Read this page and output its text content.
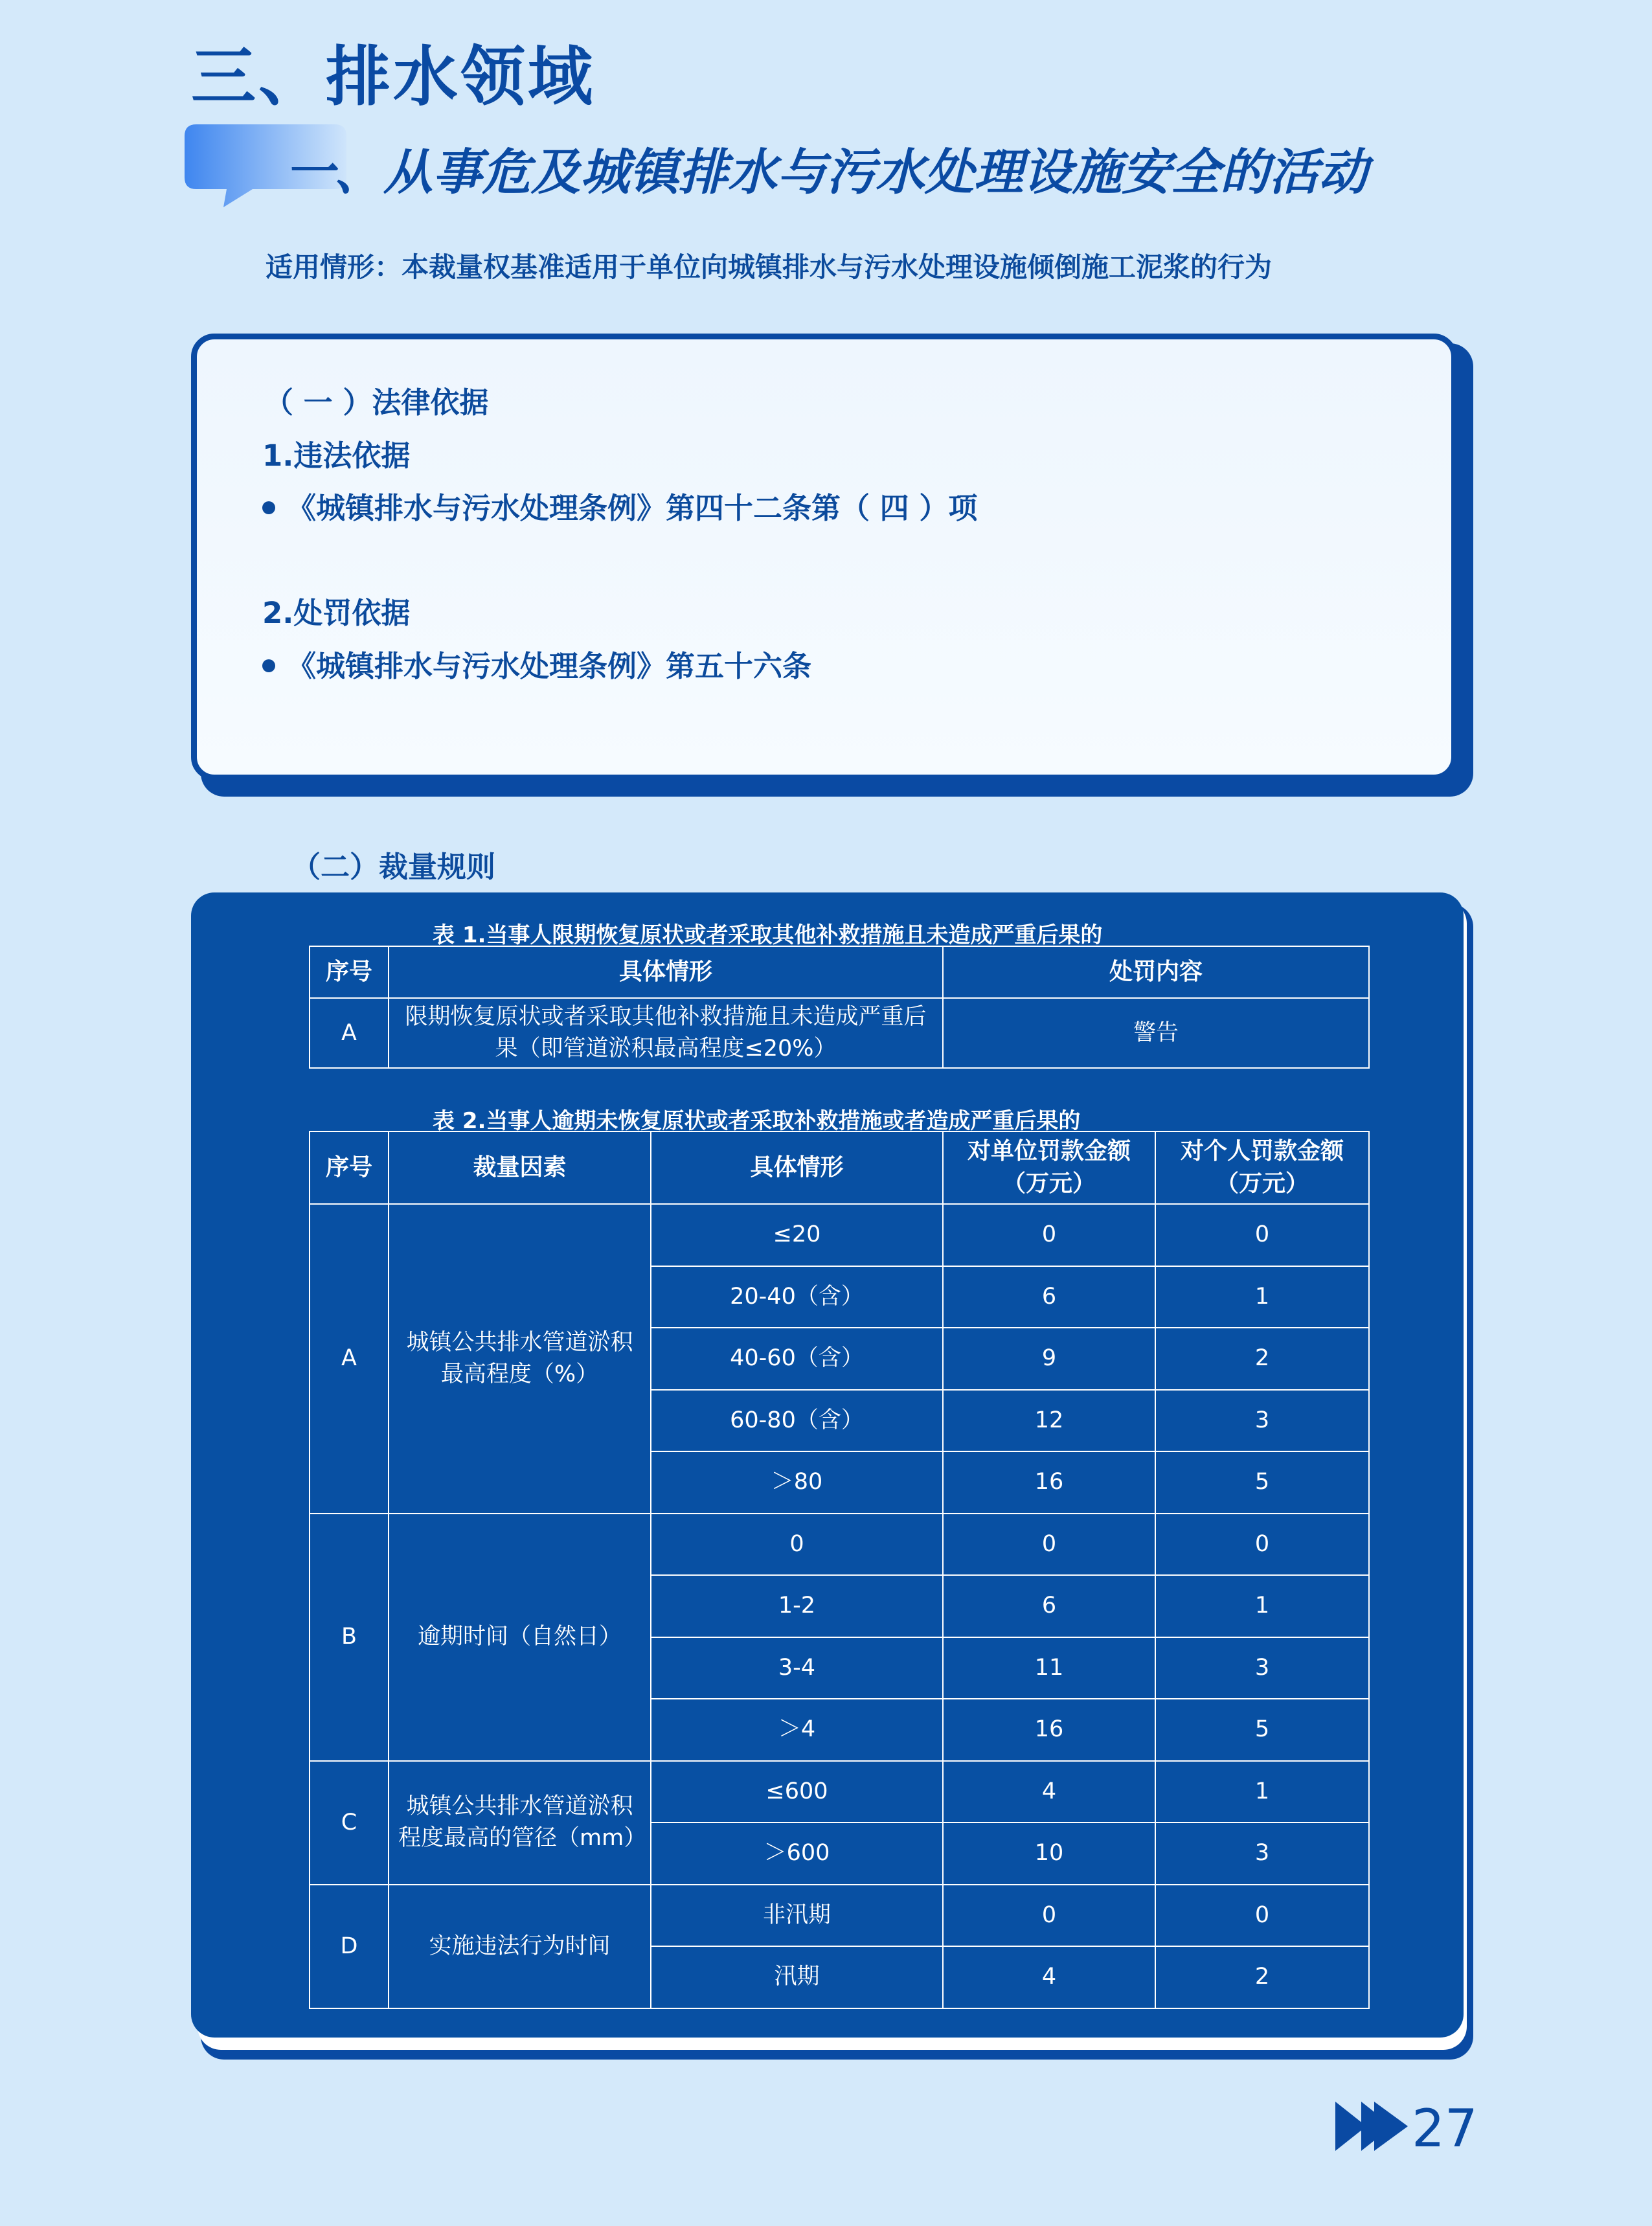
三、排水领域
一、从事危及城镇排水与污水处理设施安全的活动
适用情形：本裁量权基准适用于单位向城镇排水与污水处理设施倾倒施工泥浆的行为
（ 一 ）法律依据
1.违法依据
《城镇排水与污水处理条例》第四十二条第（ 四 ）项
2.处罚依据
《城镇排水与污水处理条例》第五十六条
（二）裁量规则
表 1.当事人限期恢复原状或者采取其他补救措施且未造成严重后果的
序号	具体情形	处罚内容
A	限期恢复原状或者采取其他补救措施且未造成严重后
果（即管道淤积最高程度≤20%）	警告
表 2.当事人逾期未恢复原状或者采取补救措施或者造成严重后果的
序号	裁量因素	具体情形	对单位罚款金额
（万元）	对个人罚款金额
（万元）
A	城镇公共排水管道淤积
最高程度（%）	≤20	0	0
		20-40（含）	6	1
		40-60（含）	9	2
		60-80（含）	12	3
		＞80	16	5
B	逾期时间（自然日）	0	0	0
		1-2	6	1
		3-4	11	3
		＞4	16	5
C	城镇公共排水管道淤积
程度最高的管径（mm）	≤600	4	1
		＞600	10	3
D	实施违法行为时间	非汛期	0	0
		汛期	4	2
27
